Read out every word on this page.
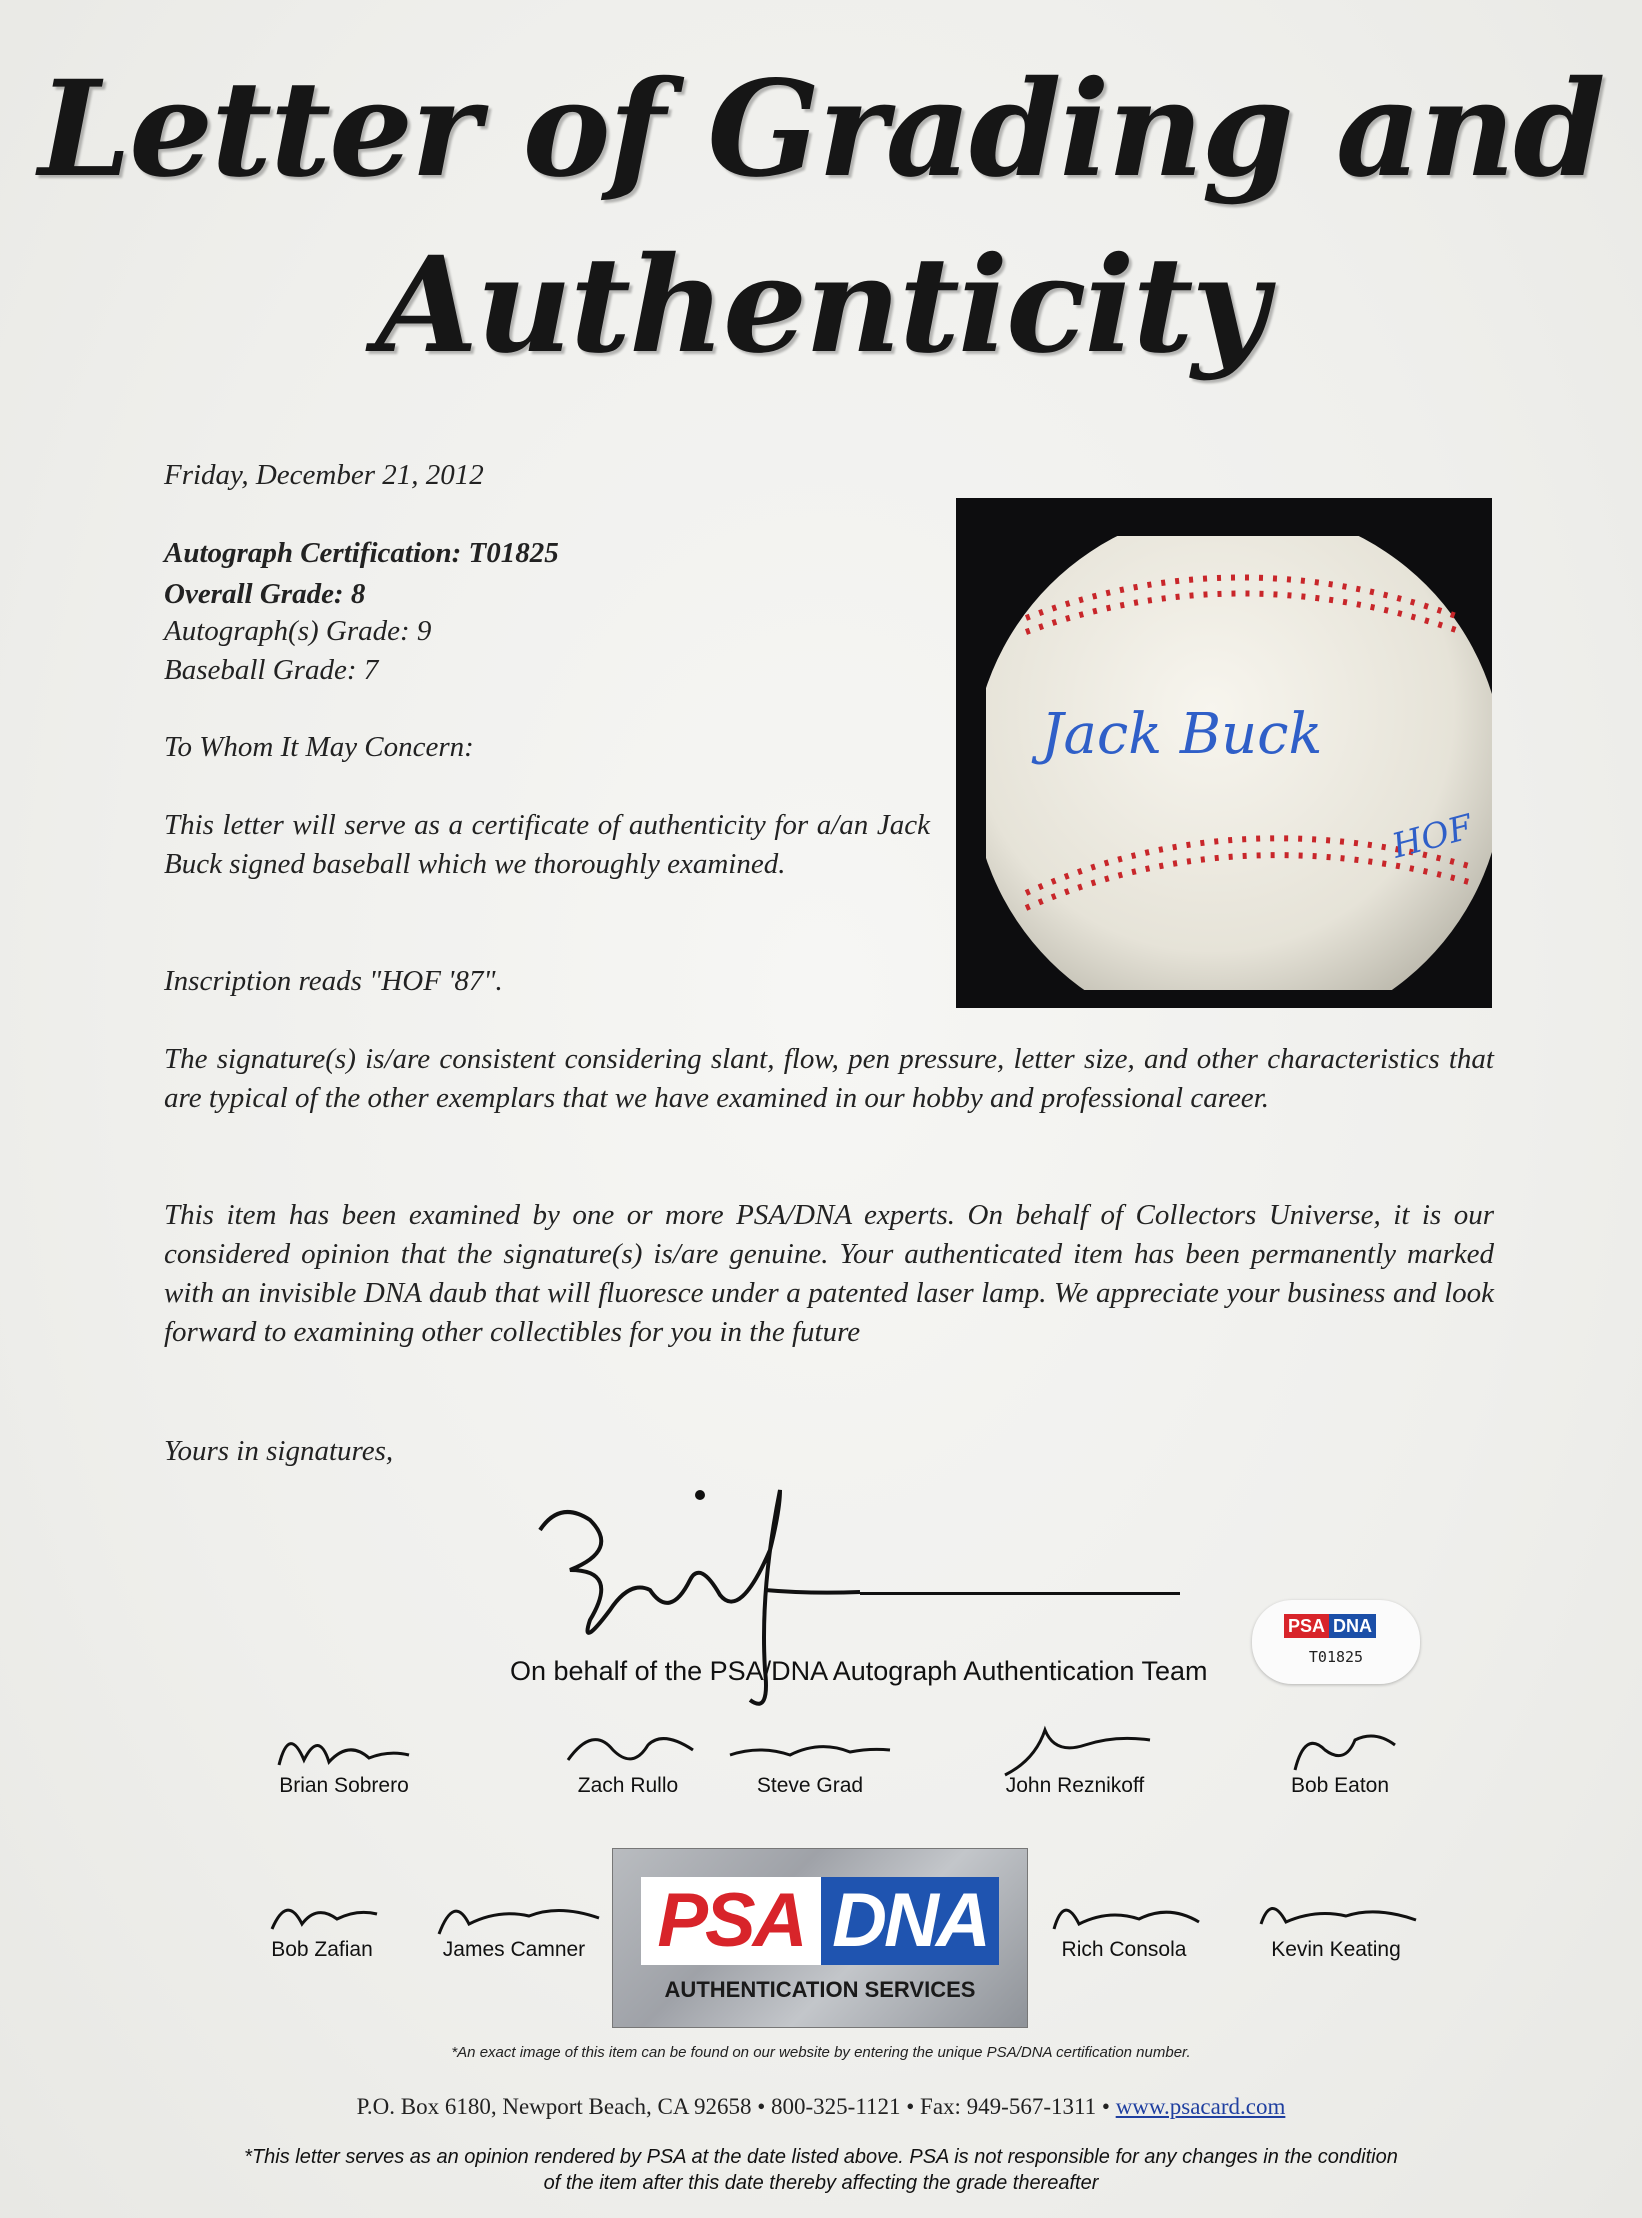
Letter of Grading and
Authenticity
Friday, December 21, 2012
Autograph Certification: T01825
Overall Grade: 8
Autograph(s) Grade: 9
Baseball Grade: 7
To Whom It May Concern:
This letter will serve as a certificate of authenticity for a/an Jack Buck signed baseball which we thoroughly examined.
Inscription reads "HOF '87".
The signature(s) is/are consistent considering slant, flow, pen pressure, letter size, and other characteristics that are typical of the other exemplars that we have examined in our hobby and professional career.
This item has been examined by one or more PSA/DNA experts. On behalf of Collectors Universe, it is our considered opinion that the signature(s) is/are genuine. Your authenticated item has been permanently marked with an invisible DNA daub that will fluoresce under a patented laser lamp. We appreciate your business and look forward to examining other collectibles for you in the future
Yours in signatures,
Jack Buck
HOF
On behalf of the PSA/DNA Autograph Authentication Team
PSA DNA
T01825
Brian Sobrero	Zach Rullo	Steve Grad	John Reznikoff	Bob Eaton
Bob Zafian	James Camner	Rich Consola	Kevin Keating
PSA DNA
AUTHENTICATION SERVICES
*An exact image of this item can be found on our website by entering the unique PSA/DNA certification number.
P.O. Box 6180, Newport Beach, CA 92658 • 800-325-1121 • Fax: 949-567-1311 • www.psacard.com
*This letter serves as an opinion rendered by PSA at the date listed above. PSA is not responsible for any changes in the condition
of the item after this date thereby affecting the grade thereafter
